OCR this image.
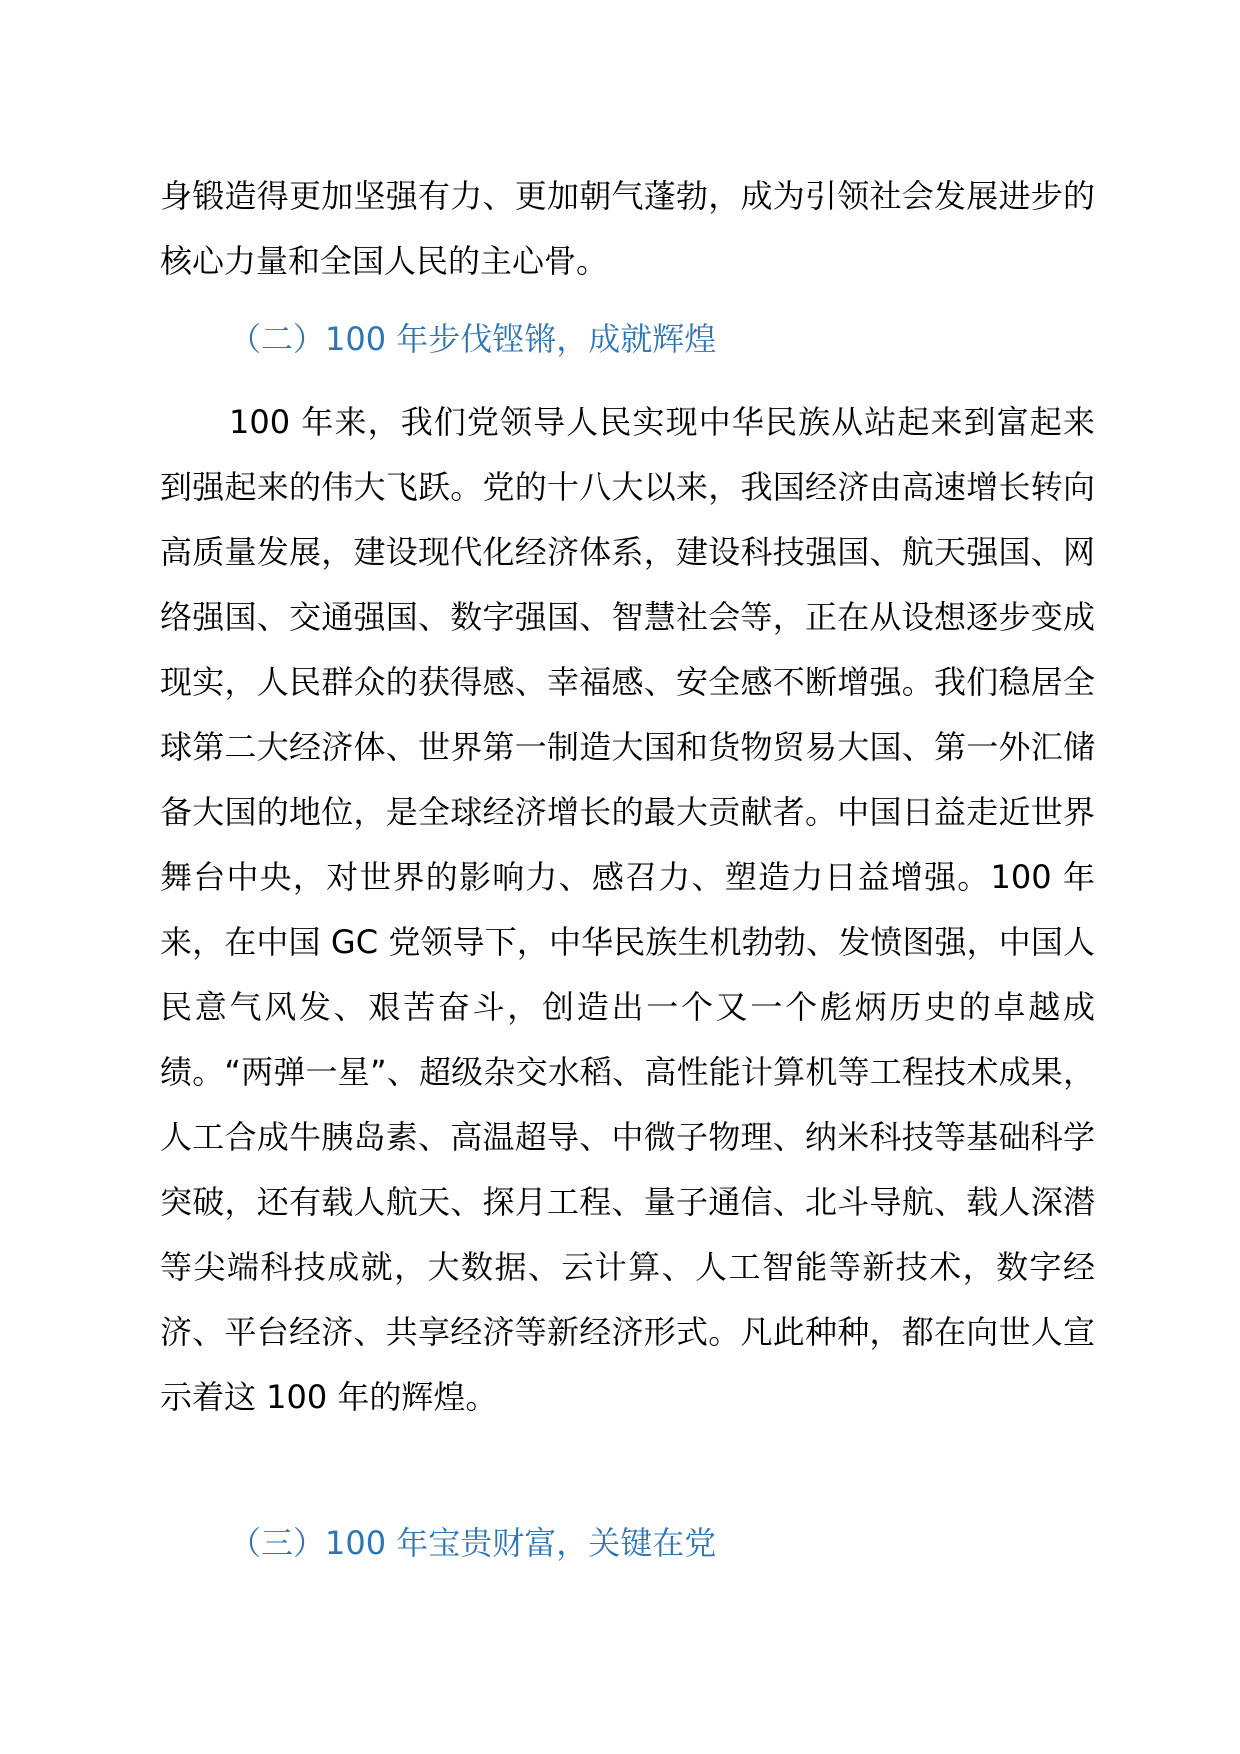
身锻造得更加坚强有力、更加朝气蓬勃，成为引领社会发展进步的核心力量和全国人民的主心骨。

（二）100 年步伐铿锵，成就辉煌

100 年来，我们党领导人民实现中华民族从站起来到富起来到强起来的伟大飞跃。党的十八大以来，我国经济由高速增长转向高质量发展，建设现代化经济体系，建设科技强国、航天强国、网络强国、交通强国、数字强国、智慧社会等，正在从设想逐步变成现实，人民群众的获得感、幸福感、安全感不断增强。我们稳居全球第二大经济体、世界第一制造大国和货物贸易大国、第一外汇储备大国的地位，是全球经济增长的最大贡献者。中国日益走近世界舞台中央，对世界的影响力、感召力、塑造力日益增强。100 年来，在中国 GC 党领导下，中华民族生机勃勃、发愤图强，中国人民意气风发、艰苦奋斗，创造出一个又一个彪炳历史的卓越成绩。“两弹一星”、超级杂交水稻、高性能计算机等工程技术成果，人工合成牛胰岛素、高温超导、中微子物理、纳米科技等基础科学突破，还有载人航天、探月工程、量子通信、北斗导航、载人深潜等尖端科技成就，大数据、云计算、人工智能等新技术，数字经济、平台经济、共享经济等新经济形式。凡此种种，都在向世人宣示着这 100 年的辉煌。

（三）100 年宝贵财富，关键在党
